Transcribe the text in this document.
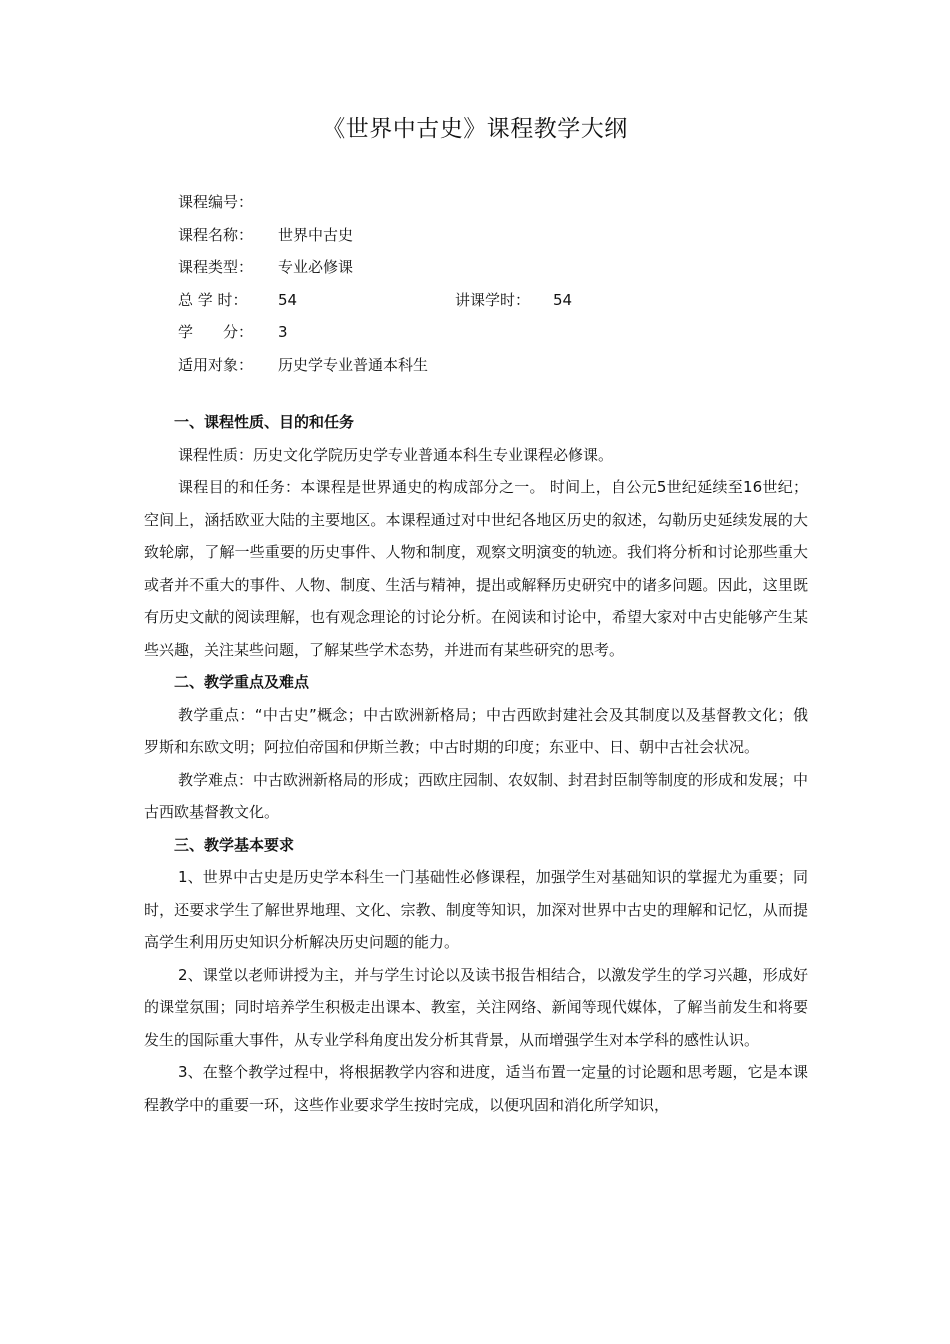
《世界中古史》课程教学大纲
课程编号：
课程名称： 世界中古史
课程类型： 专业必修课
总 学 时： 54	讲课学时： 54
学　　分： 3
适用对象： 历史学专业普通本科生

一、课程性质、目的和任务

课程性质：历史文化学院历史学专业普通本科生专业课程必修课。

课程目的和任务：本课程是世界通史的构成部分之一。 时间上，自公元5世纪延续至16世纪；空间上，涵括欧亚大陆的主要地区。本课程通过对中世纪各地区历史的叙述，勾勒历史延续发展的大致轮廓，了解一些重要的历史事件、人物和制度，观察文明演变的轨迹。我们将分析和讨论那些重大或者并不重大的事件、人物、制度、生活与精神，提出或解释历史研究中的诸多问题。因此，这里既有历史文献的阅读理解，也有观念理论的讨论分析。在阅读和讨论中，希望大家对中古史能够产生某些兴趣，关注某些问题，了解某些学术态势，并进而有某些研究的思考。

二、教学重点及难点

教学重点：“中古史”概念；中古欧洲新格局；中古西欧封建社会及其制度以及基督教文化；俄罗斯和东欧文明；阿拉伯帝国和伊斯兰教；中古时期的印度；东亚中、日、朝中古社会状况。

教学难点：中古欧洲新格局的形成；西欧庄园制、农奴制、封君封臣制等制度的形成和发展；中古西欧基督教文化。

三、教学基本要求

1、世界中古史是历史学本科生一门基础性必修课程，加强学生对基础知识的掌握尤为重要；同时，还要求学生了解世界地理、文化、宗教、制度等知识，加深对世界中古史的理解和记忆，从而提高学生利用历史知识分析解决历史问题的能力。

2、课堂以老师讲授为主，并与学生讨论以及读书报告相结合，以激发学生的学习兴趣，形成好的课堂氛围；同时培养学生积极走出课本、教室，关注网络、新闻等现代媒体，了解当前发生和将要发生的国际重大事件，从专业学科角度出发分析其背景，从而增强学生对本学科的感性认识。

3、在整个教学过程中，将根据教学内容和进度，适当布置一定量的讨论题和思考题，它是本课程教学中的重要一环，这些作业要求学生按时完成，以便巩固和消化所学知识，
